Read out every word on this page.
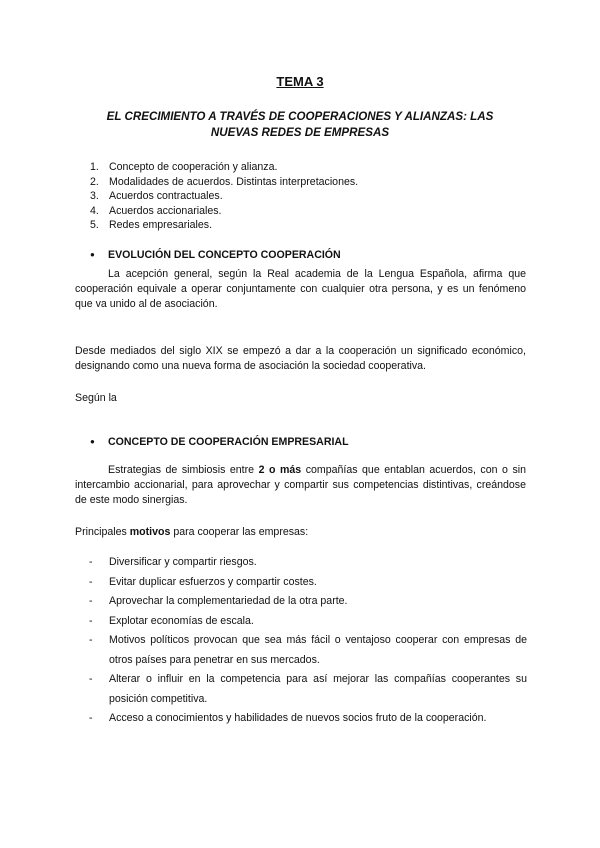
TEMA 3
EL CRECIMIENTO A TRAVÉS DE COOPERACIONES Y ALIANZAS: LAS NUEVAS REDES DE EMPRESAS
1. Concepto de cooperación y alianza.
2. Modalidades de acuerdos. Distintas interpretaciones.
3. Acuerdos contractuales.
4. Acuerdos accionariales.
5. Redes empresariales.
● EVOLUCIÓN DEL CONCEPTO COOPERACIÓN

La acepción general, según la Real academia de la Lengua Española, afirma que cooperación equivale a operar conjuntamente con cualquier otra persona, y es un fenómeno que va unido al de asociación.

Desde mediados del siglo XIX se empezó a dar a la cooperación un significado económico, designando como una nueva forma de asociación la sociedad cooperativa.

Según la

● CONCEPTO DE COOPERACIÓN EMPRESARIAL

Estrategias de simbiosis entre 2 o más compañías que entablan acuerdos, con o sin intercambio accionarial, para aprovechar y compartir sus competencias distintivas, creándose de este modo sinergias.

Principales motivos para cooperar las empresas:

- Diversificar y compartir riesgos.
- Evitar duplicar esfuerzos y compartir costes.
- Aprovechar la complementariedad de la otra parte.
- Explotar economías de escala.
- Motivos políticos provocan que sea más fácil o ventajoso cooperar con empresas de otros países para penetrar en sus mercados.
- Alterar o influir en la competencia para así mejorar las compañías cooperantes su posición competitiva.
- Acceso a conocimientos y habilidades de nuevos socios fruto de la cooperación.
